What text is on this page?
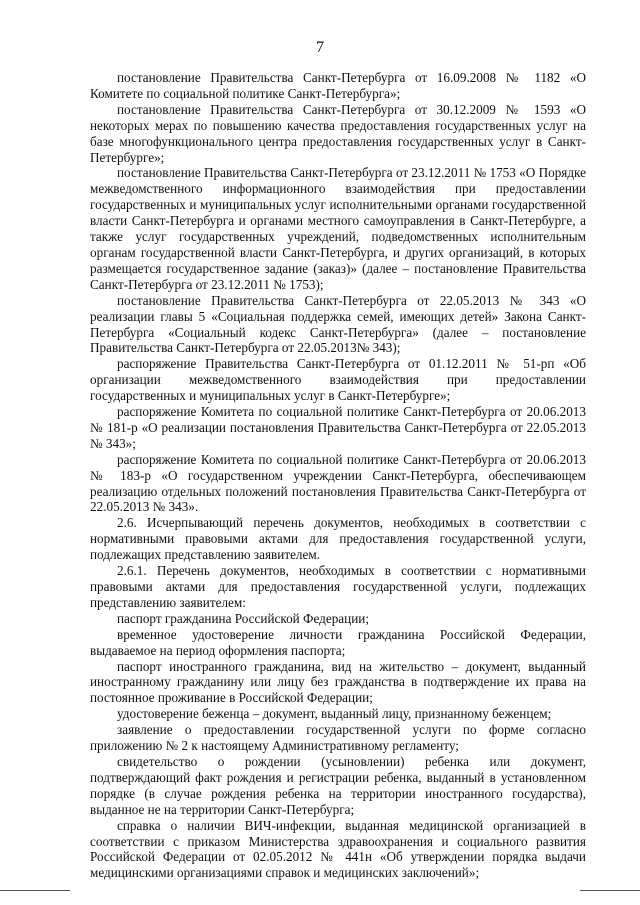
7

постановление Правительства Санкт-Петербурга от 16.09.2008 № 1182 «О Комитете по социальной политике Санкт-Петербурга»;

постановление Правительства Санкт-Петербурга от 30.12.2009 № 1593 «О некоторых мерах по повышению качества предоставления государственных услуг на базе многофункционального центра предоставления государственных услуг в Санкт-Петербурге»;

постановление Правительства Санкт-Петербурга от 23.12.2011 № 1753 «О Порядке межведомственного информационного взаимодействия при предоставлении государственных и муниципальных услуг исполнительными органами государственной власти Санкт-Петербурга и органами местного самоуправления в Санкт-Петербурге, а также услуг государственных учреждений, подведомственных исполнительным органам государственной власти Санкт-Петербурга, и других организаций, в которых размещается государственное задание (заказ)» (далее – постановление Правительства Санкт-Петербурга от 23.12.2011 № 1753);

постановление Правительства Санкт-Петербурга от 22.05.2013 № 343 «О реализации главы 5 «Социальная поддержка семей, имеющих детей» Закона Санкт-Петербурга «Социальный кодекс Санкт-Петербурга» (далее – постановление Правительства Санкт-Петербурга от 22.05.2013№ 343);

распоряжение Правительства Санкт-Петербурга от 01.12.2011 № 51-рп «Об организации межведомственного взаимодействия при предоставлении государственных и муниципальных услуг в Санкт-Петербурге»;

распоряжение Комитета по социальной политике Санкт-Петербурга от 20.06.2013 № 181-р «О реализации постановления Правительства Санкт-Петербурга от 22.05.2013 № 343»;

распоряжение Комитета по социальной политике Санкт-Петербурга от 20.06.2013 № 183-р «О государственном учреждении Санкт-Петербурга, обеспечивающем реализацию отдельных положений постановления Правительства Санкт-Петербурга от 22.05.2013 № 343».

2.6. Исчерпывающий перечень документов, необходимых в соответствии с нормативными правовыми актами для предоставления государственной услуги, подлежащих представлению заявителем.

2.6.1. Перечень документов, необходимых в соответствии с нормативными правовыми актами для предоставления государственной услуги, подлежащих представлению заявителем:

паспорт гражданина Российской Федерации;

временное удостоверение личности гражданина Российской Федерации, выдаваемое на период оформления паспорта;

паспорт иностранного гражданина, вид на жительство – документ, выданный иностранному гражданину или лицу без гражданства в подтверждение их права на постоянное проживание в Российской Федерации;

удостоверение беженца – документ, выданный лицу, признанному беженцем;

заявление о предоставлении государственной услуги по форме согласно приложению № 2 к настоящему Административному регламенту;

свидетельство о рождении (усыновлении) ребенка или документ, подтверждающий факт рождения и регистрации ребенка, выданный в установленном порядке (в случае рождения ребенка на территории иностранного государства), выданное не на территории Санкт-Петербурга;

справка о наличии ВИЧ-инфекции, выданная медицинской организацией в соответствии с приказом Министерства здравоохранения и социального развития Российской Федерации от 02.05.2012 № 441н «Об утверждении порядка выдачи медицинскими организациями справок и медицинских заключений»;
